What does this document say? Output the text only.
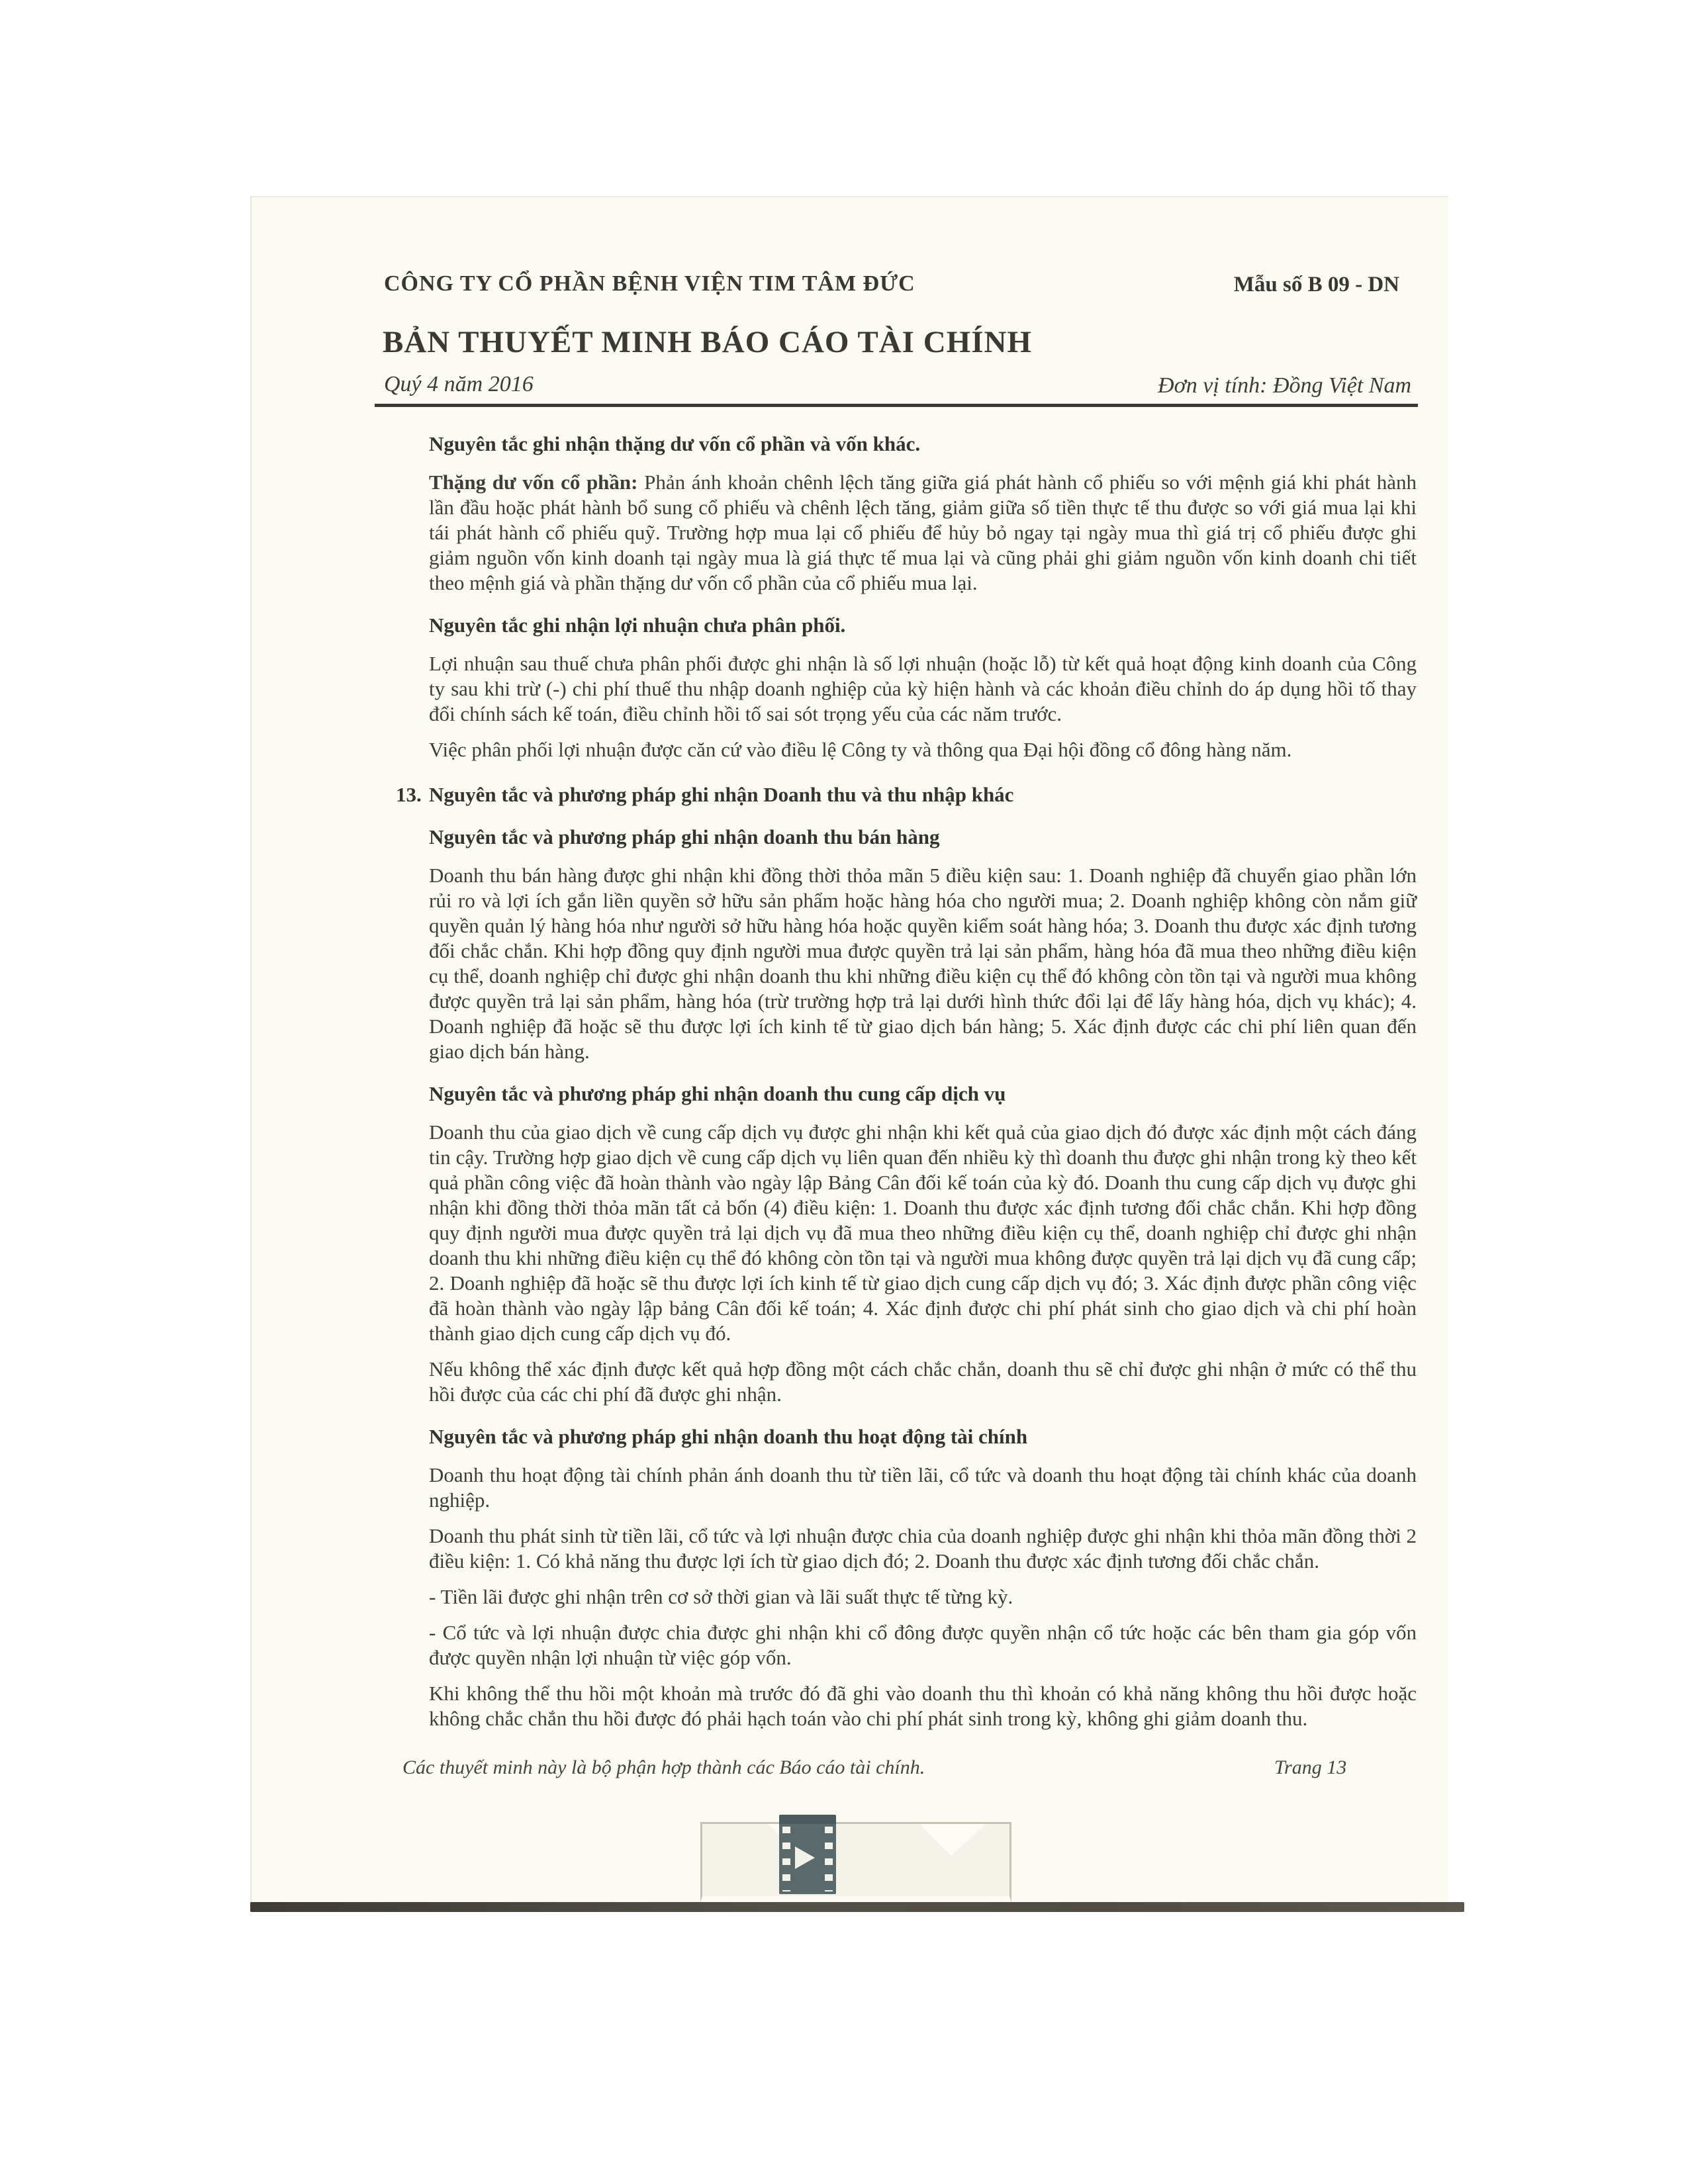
CÔNG TY CỔ PHẦN BỆNH VIỆN TIM TÂM ĐỨC	Mẫu số B 09 - DN
BẢN THUYẾT MINH BÁO CÁO TÀI CHÍNH
Quý 4 năm 2016	Đơn vị tính: Đồng Việt Nam
Nguyên tắc ghi nhận thặng dư vốn cổ phần và vốn khác.
Thặng dư vốn cổ phần: Phản ánh khoản chênh lệch tăng giữa giá phát hành cổ phiếu so với mệnh giá khi phát hành lần đầu hoặc phát hành bổ sung cổ phiếu và chênh lệch tăng, giảm giữa số tiền thực tế thu được so với giá mua lại khi tái phát hành cổ phiếu quỹ. Trường hợp mua lại cổ phiếu để hủy bỏ ngay tại ngày mua thì giá trị cổ phiếu được ghi giảm nguồn vốn kinh doanh tại ngày mua là giá thực tế mua lại và cũng phải ghi giảm nguồn vốn kinh doanh chi tiết theo mệnh giá và phần thặng dư vốn cổ phần của cổ phiếu mua lại.
Nguyên tắc ghi nhận lợi nhuận chưa phân phối.
Lợi nhuận sau thuế chưa phân phối được ghi nhận là số lợi nhuận (hoặc lỗ) từ kết quả hoạt động kinh doanh của Công ty sau khi trừ (-) chi phí thuế thu nhập doanh nghiệp của kỳ hiện hành và các khoản điều chỉnh do áp dụng hồi tố thay đổi chính sách kế toán, điều chỉnh hồi tố sai sót trọng yếu của các năm trước.
Việc phân phối lợi nhuận được căn cứ vào điều lệ Công ty và thông qua Đại hội đồng cổ đông hàng năm.
13. Nguyên tắc và phương pháp ghi nhận Doanh thu và thu nhập khác
Nguyên tắc và phương pháp ghi nhận doanh thu bán hàng
Doanh thu bán hàng được ghi nhận khi đồng thời thỏa mãn 5 điều kiện sau: 1. Doanh nghiệp đã chuyển giao phần lớn rủi ro và lợi ích gắn liền quyền sở hữu sản phẩm hoặc hàng hóa cho người mua; 2. Doanh nghiệp không còn nắm giữ quyền quản lý hàng hóa như người sở hữu hàng hóa hoặc quyền kiểm soát hàng hóa; 3. Doanh thu được xác định tương đối chắc chắn. Khi hợp đồng quy định người mua được quyền trả lại sản phẩm, hàng hóa đã mua theo những điều kiện cụ thể, doanh nghiệp chỉ được ghi nhận doanh thu khi những điều kiện cụ thể đó không còn tồn tại và người mua không được quyền trả lại sản phẩm, hàng hóa (trừ trường hợp trả lại dưới hình thức đổi lại để lấy hàng hóa, dịch vụ khác); 4. Doanh nghiệp đã hoặc sẽ thu được lợi ích kinh tế từ giao dịch bán hàng; 5. Xác định được các chi phí liên quan đến giao dịch bán hàng.
Nguyên tắc và phương pháp ghi nhận doanh thu cung cấp dịch vụ
Doanh thu của giao dịch về cung cấp dịch vụ được ghi nhận khi kết quả của giao dịch đó được xác định một cách đáng tin cậy. Trường hợp giao dịch về cung cấp dịch vụ liên quan đến nhiều kỳ thì doanh thu được ghi nhận trong kỳ theo kết quả phần công việc đã hoàn thành vào ngày lập Bảng Cân đối kế toán của kỳ đó. Doanh thu cung cấp dịch vụ được ghi nhận khi đồng thời thỏa mãn tất cả bốn (4) điều kiện: 1. Doanh thu được xác định tương đối chắc chắn. Khi hợp đồng quy định người mua được quyền trả lại dịch vụ đã mua theo những điều kiện cụ thể, doanh nghiệp chỉ được ghi nhận doanh thu khi những điều kiện cụ thể đó không còn tồn tại và người mua không được quyền trả lại dịch vụ đã cung cấp; 2. Doanh nghiệp đã hoặc sẽ thu được lợi ích kinh tế từ giao dịch cung cấp dịch vụ đó; 3. Xác định được phần công việc đã hoàn thành vào ngày lập bảng Cân đối kế toán; 4. Xác định được chi phí phát sinh cho giao dịch và chi phí hoàn thành giao dịch cung cấp dịch vụ đó.
Nếu không thể xác định được kết quả hợp đồng một cách chắc chắn, doanh thu sẽ chỉ được ghi nhận ở mức có thể thu hồi được của các chi phí đã được ghi nhận.
Nguyên tắc và phương pháp ghi nhận doanh thu hoạt động tài chính
Doanh thu hoạt động tài chính phản ánh doanh thu từ tiền lãi, cổ tức và doanh thu hoạt động tài chính khác của doanh nghiệp.
Doanh thu phát sinh từ tiền lãi, cổ tức và lợi nhuận được chia của doanh nghiệp được ghi nhận khi thỏa mãn đồng thời 2 điều kiện: 1. Có khả năng thu được lợi ích từ giao dịch đó; 2. Doanh thu được xác định tương đối chắc chắn.
- Tiền lãi được ghi nhận trên cơ sở thời gian và lãi suất thực tế từng kỳ.
- Cổ tức và lợi nhuận được chia được ghi nhận khi cổ đông được quyền nhận cổ tức hoặc các bên tham gia góp vốn được quyền nhận lợi nhuận từ việc góp vốn.
Khi không thể thu hồi một khoản mà trước đó đã ghi vào doanh thu thì khoản có khả năng không thu hồi được hoặc không chắc chắn thu hồi được đó phải hạch toán vào chi phí phát sinh trong kỳ, không ghi giảm doanh thu.
Các thuyết minh này là bộ phận hợp thành các Báo cáo tài chính.	Trang 13
